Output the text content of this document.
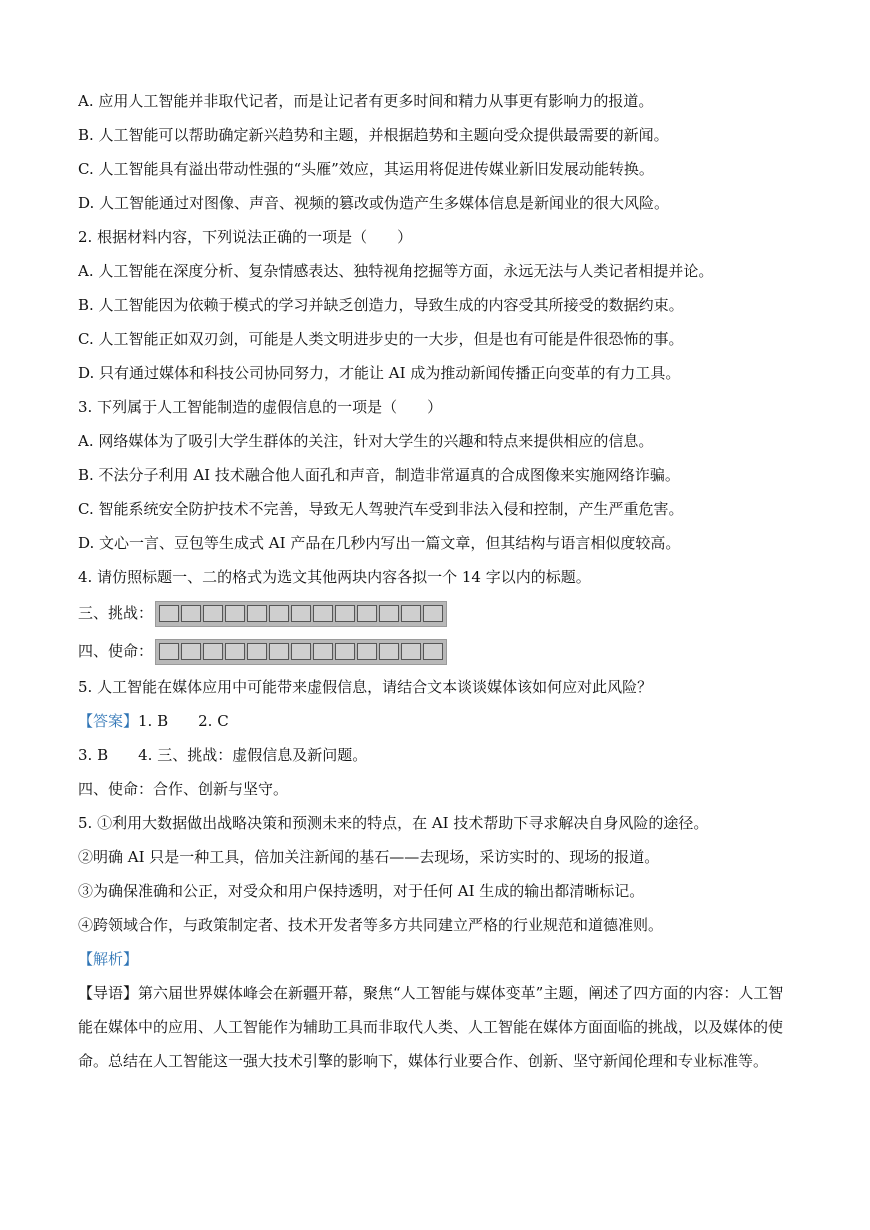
A. 应用人工智能并非取代记者，而是让记者有更多时间和精力从事更有影响力的报道。
B. 人工智能可以帮助确定新兴趋势和主题，并根据趋势和主题向受众提供最需要的新闻。
C. 人工智能具有溢出带动性强的“头雁”效应，其运用将促进传媒业新旧发展动能转换。
D. 人工智能通过对图像、声音、视频的篡改或伪造产生多媒体信息是新闻业的很大风险。
2. 根据材料内容，下列说法正确的一项是（　　）
A. 人工智能在深度分析、复杂情感表达、独特视角挖掘等方面，永远无法与人类记者相提并论。
B. 人工智能因为依赖于模式的学习并缺乏创造力，导致生成的内容受其所接受的数据约束。
C. 人工智能正如双刃剑，可能是人类文明进步史的一大步，但是也有可能是件很恐怖的事。
D. 只有通过媒体和科技公司协同努力，才能让 AI 成为推动新闻传播正向变革的有力工具。
3. 下列属于人工智能制造的虚假信息的一项是（　　）
A. 网络媒体为了吸引大学生群体的关注，针对大学生的兴趣和特点来提供相应的信息。
B. 不法分子利用 AI 技术融合他人面孔和声音，制造非常逼真的合成图像来实施网络诈骗。
C. 智能系统安全防护技术不完善，导致无人驾驶汽车受到非法入侵和控制，产生严重危害。
D. 文心一言、豆包等生成式 AI 产品在几秒内写出一篇文章，但其结构与语言相似度较高。
4. 请仿照标题一、二的格式为选文其他两块内容各拟一个 14 字以内的标题。
三、挑战：
四、使命：
5. 人工智能在媒体应用中可能带来虚假信息，请结合文本谈谈媒体该如何应对此风险？
【答案】1. B 2. C
3. B 4. 三、挑战：虚假信息及新问题。
四、使命：合作、创新与坚守。
5. ①利用大数据做出战略决策和预测未来的特点，在 AI 技术帮助下寻求解决自身风险的途径。
②明确 AI 只是一种工具，倍加关注新闻的基石——去现场，采访实时的、现场的报道。
③为确保准确和公正，对受众和用户保持透明，对于任何 AI 生成的输出都清晰标记。
④跨领域合作，与政策制定者、技术开发者等多方共同建立严格的行业规范和道德准则。
【解析】
【导语】第六届世界媒体峰会在新疆开幕，聚焦“人工智能与媒体变革”主题，阐述了四方面的内容：人工智能在媒体中的应用、人工智能作为辅助工具而非取代人类、人工智能在媒体方面面临的挑战，以及媒体的使命。总结在人工智能这一强大技术引擎的影响下，媒体行业要合作、创新、坚守新闻伦理和专业标准等。
